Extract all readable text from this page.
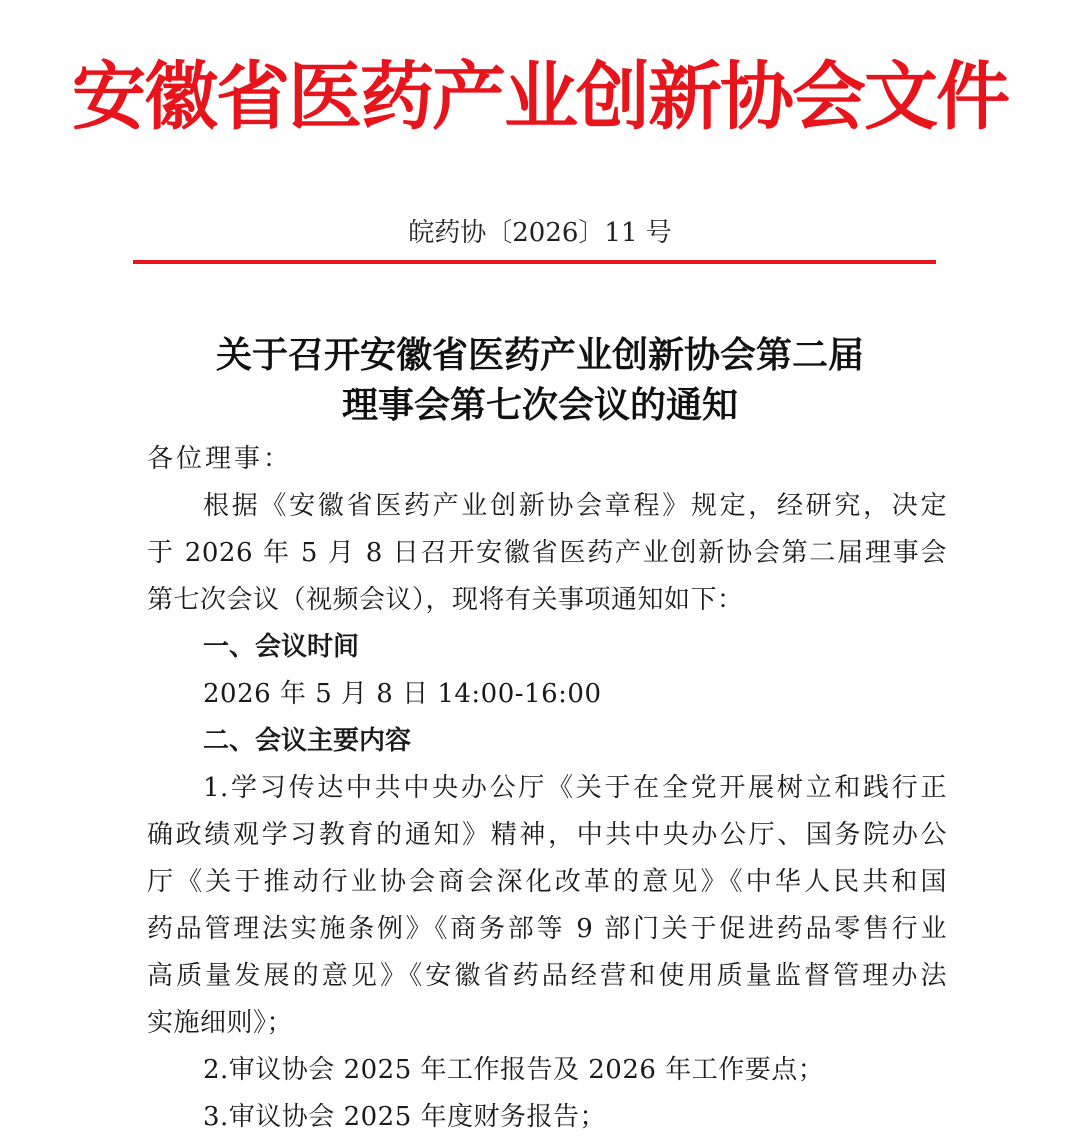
安徽省医药产业创新协会文件
皖药协〔2026〕11 号
关于召开安徽省医药产业创新协会第二届
理事会第七次会议的通知
各位理事：
根据《安徽省医药产业创新协会章程》规定，经研究，决定
于 2026 年 5 月 8 日召开安徽省医药产业创新协会第二届理事会
第七次会议（视频会议），现将有关事项通知如下：
一、会议时间
2026 年 5 月 8 日 14:00-16:00
二、会议主要内容
1.学习传达中共中央办公厅《关于在全党开展树立和践行正
确政绩观学习教育的通知》精神，中共中央办公厅、国务院办公
厅《关于推动行业协会商会深化改革的意见》《中华人民共和国
药品管理法实施条例》《商务部等 9 部门关于促进药品零售行业
高质量发展的意见》《安徽省药品经营和使用质量监督管理办法
实施细则》；
2.审议协会 2025 年工作报告及 2026 年工作要点；
3.审议协会 2025 年度财务报告；
